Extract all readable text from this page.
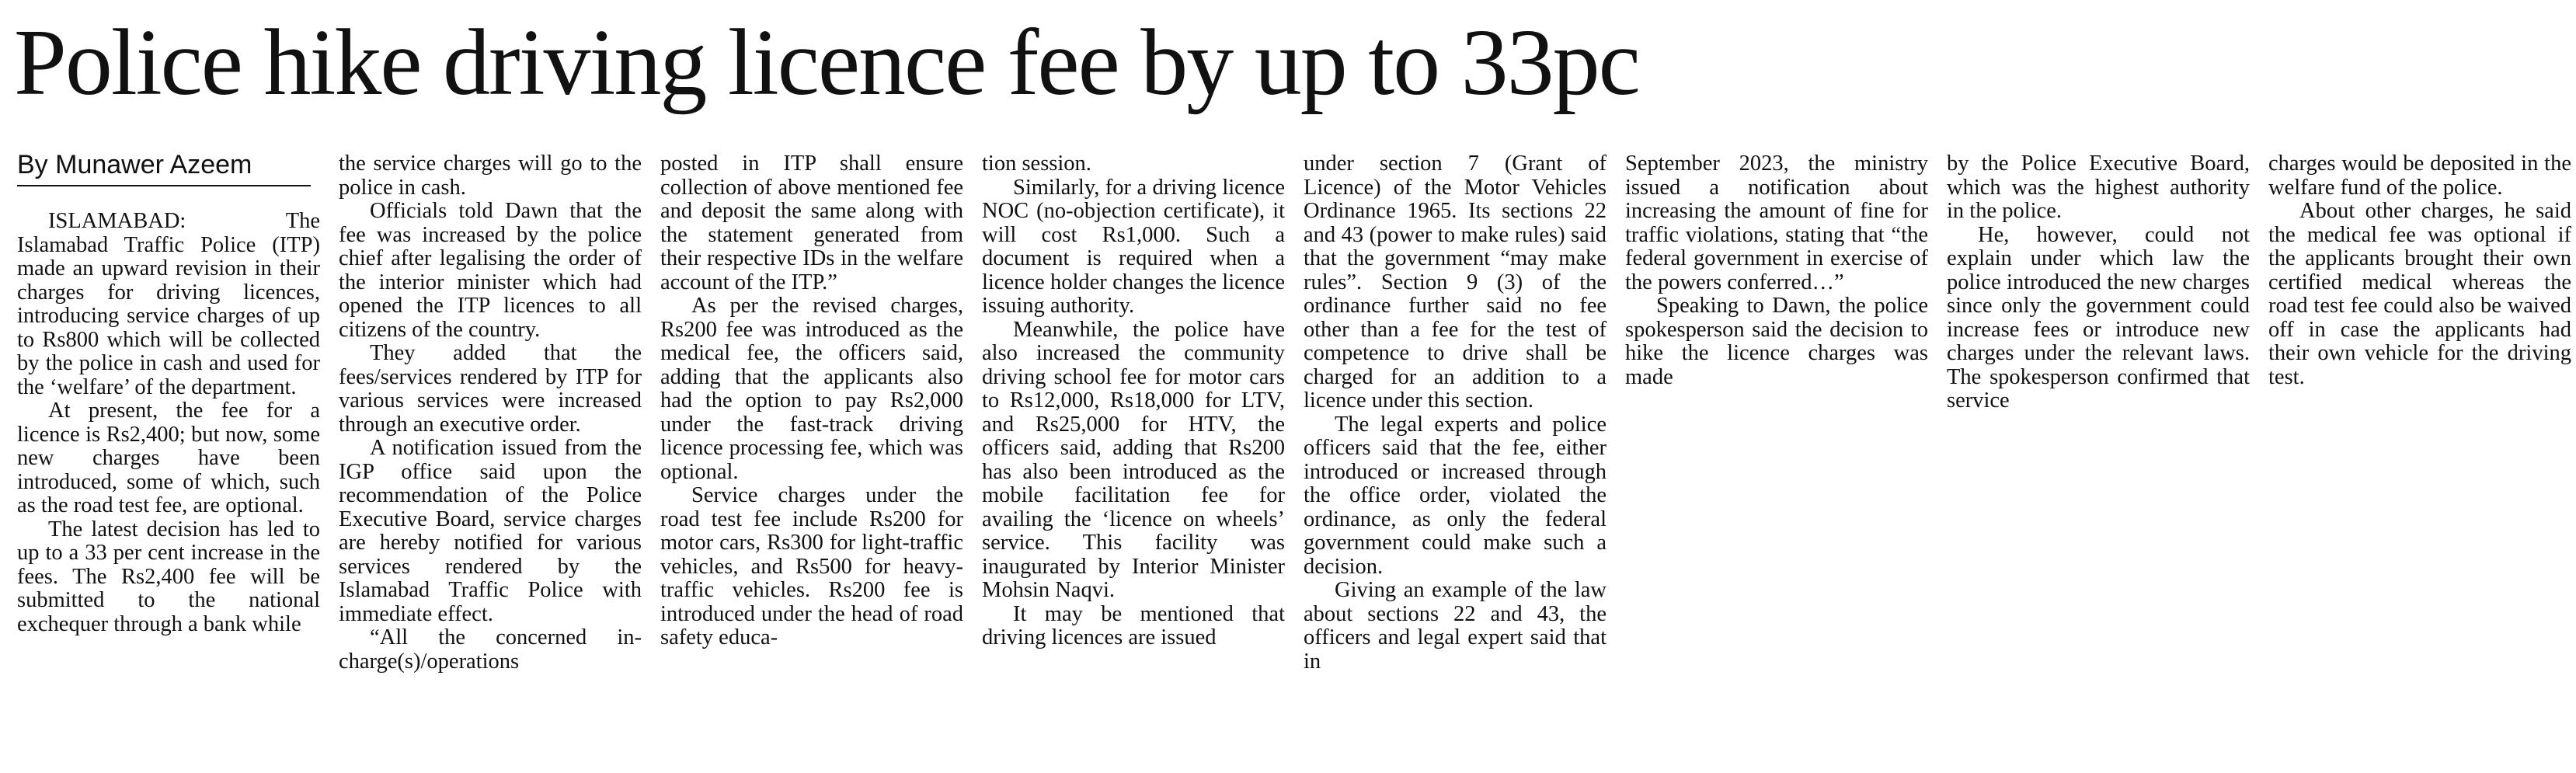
Police hike driving licence fee by up to 33pc
By Munawer Azeem

ISLAMABAD: The Islamabad Traffic Police (ITP) made an upward revision in their charges for driving licences, introducing service charges of up to Rs800 which will be collected by the police in cash and used for the ‘welfare’ of the department.

At present, the fee for a licence is Rs2,400; but now, some new charges have been introduced, some of which, such as the road test fee, are optional.

The latest decision has led to up to a 33 per cent increase in the fees. The Rs2,400 fee will be submitted to the national exchequer through a bank while

the service charges will go to the police in cash.

Officials told Dawn that the fee was increased by the police chief after legalising the order of the interior minister which had opened the ITP licences to all citizens of the country.

They added that the fees/services rendered by ITP for various services were increased through an executive order.

A notification issued from the IGP office said upon the recommendation of the Police Executive Board, service charges are hereby notified for various services rendered by the Islamabad Traffic Police with immediate effect.

“All the concerned in-charge(s)/operations

posted in ITP shall ensure collection of above mentioned fee and deposit the same along with the statement generated from their respective IDs in the welfare account of the ITP.”

As per the revised charges, Rs200 fee was introduced as the medical fee, the officers said, adding that the applicants also had the option to pay Rs2,000 under the fast-track driving licence processing fee, which was optional.

Service charges under the road test fee include Rs200 for motor cars, Rs300 for light-traffic vehicles, and Rs500 for heavy-traffic vehicles. Rs200 fee is introduced under the head of road safety educa-

tion session.

Similarly, for a driving licence NOC (no-objection certificate), it will cost Rs1,000. Such a document is required when a licence holder changes the licence issuing authority.

Meanwhile, the police have also increased the community driving school fee for motor cars to Rs12,000, Rs18,000 for LTV, and Rs25,000 for HTV, the officers said, adding that Rs200 has also been introduced as the mobile facilitation fee for availing the ‘licence on wheels’ service. This facility was inaugurated by Interior Minister Mohsin Naqvi.

It may be mentioned that driving licences are issued

under section 7 (Grant of Licence) of the Motor Vehicles Ordinance 1965. Its sections 22 and 43 (power to make rules) said that the government “may make rules”. Section 9 (3) of the ordinance further said no fee other than a fee for the test of competence to drive shall be charged for an addition to a licence under this section.

The legal experts and police officers said that the fee, either introduced or increased through the office order, violated the ordinance, as only the federal government could make such a decision.

Giving an example of the law about sections 22 and 43, the officers and legal expert said that in

September 2023, the ministry issued a notification about increasing the amount of fine for traffic violations, stating that “the federal government in exercise of the powers conferred…”

Speaking to Dawn, the police spokesperson said the decision to hike the licence charges was made

by the Police Executive Board, which was the highest authority in the police.

He, however, could not explain under which law the police introduced the new charges since only the government could increase fees or introduce new charges under the relevant laws. The spokesperson confirmed that service

charges would be deposited in the welfare fund of the police.

About other charges, he said the medical fee was optional if the applicants brought their own certified medical whereas the road test fee could also be waived off in case the applicants had their own vehicle for the driving test.
